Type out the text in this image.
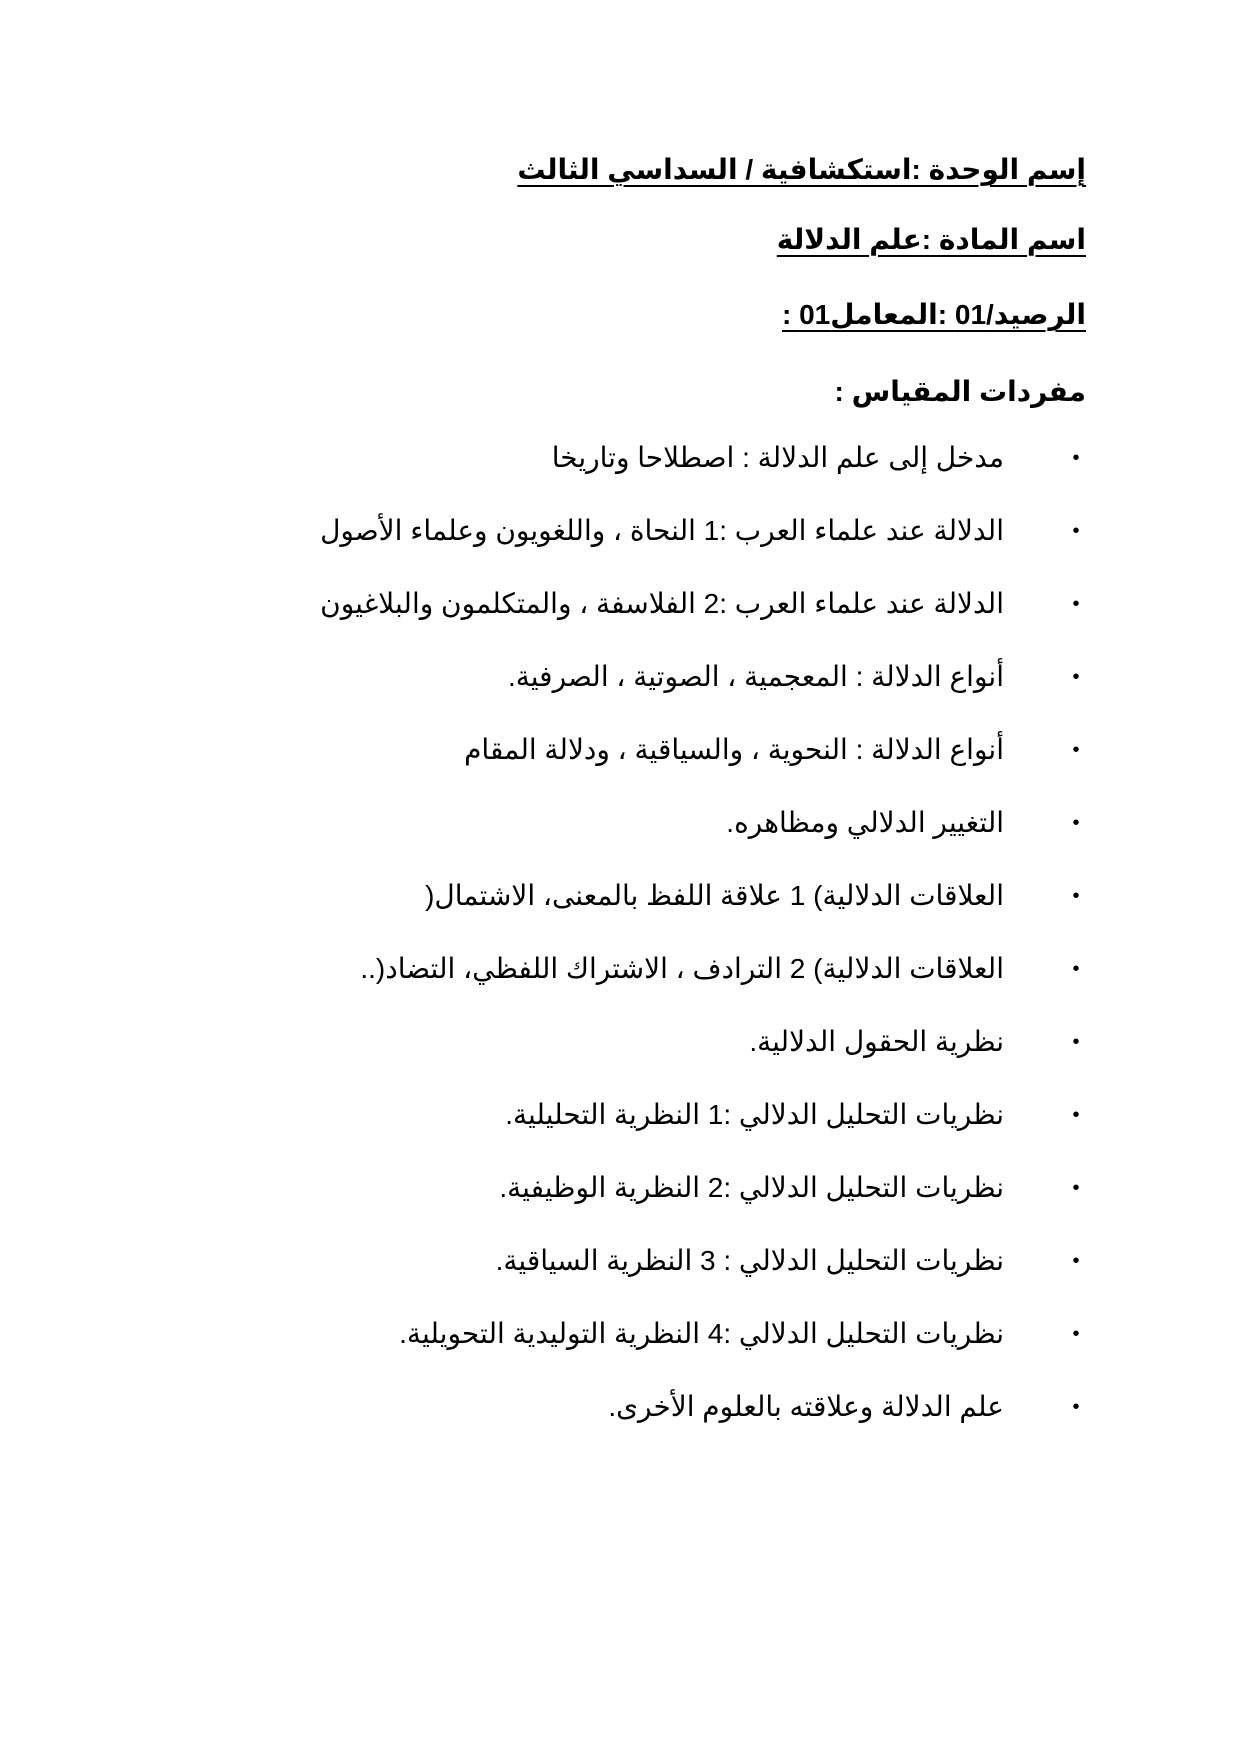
إسم الوحدة :استكشافية / السداسي الثالث
اسم المادة :علم الدلالة
الرصيد/01 :المعامل01 :
مفردات المقياس :
•
مدخل إلى علم الدلالة : اصطلاحا وتاريخا
•
الدلالة عند علماء العرب :1 النحاة ، واللغويون وعلماء الأصول
•
الدلالة عند علماء العرب :2 الفلاسفة ، والمتكلمون والبلاغيون
•
أنواع الدلالة : المعجمية ، الصوتية ، الصرفية.
•
أنواع الدلالة : النحوية ، والسياقية ، ودلالة المقام
•
التغيير الدلالي ومظاهره.
•
العلاقات الدلالية) 1 علاقة اللفظ بالمعنى، الاشتمال(
•
العلاقات الدلالية) 2 الترادف ، الاشتراك اللفظي، التضاد(..
•
نظرية الحقول الدلالية.
•
نظريات التحليل الدلالي :1 النظرية التحليلية.
•
نظريات التحليل الدلالي :2 النظرية الوظيفية.
•
نظريات التحليل الدلالي : 3 النظرية السياقية.
•
نظريات التحليل الدلالي :4 النظرية التوليدية التحويلية.
•
علم الدلالة وعلاقته بالعلوم الأخرى.
